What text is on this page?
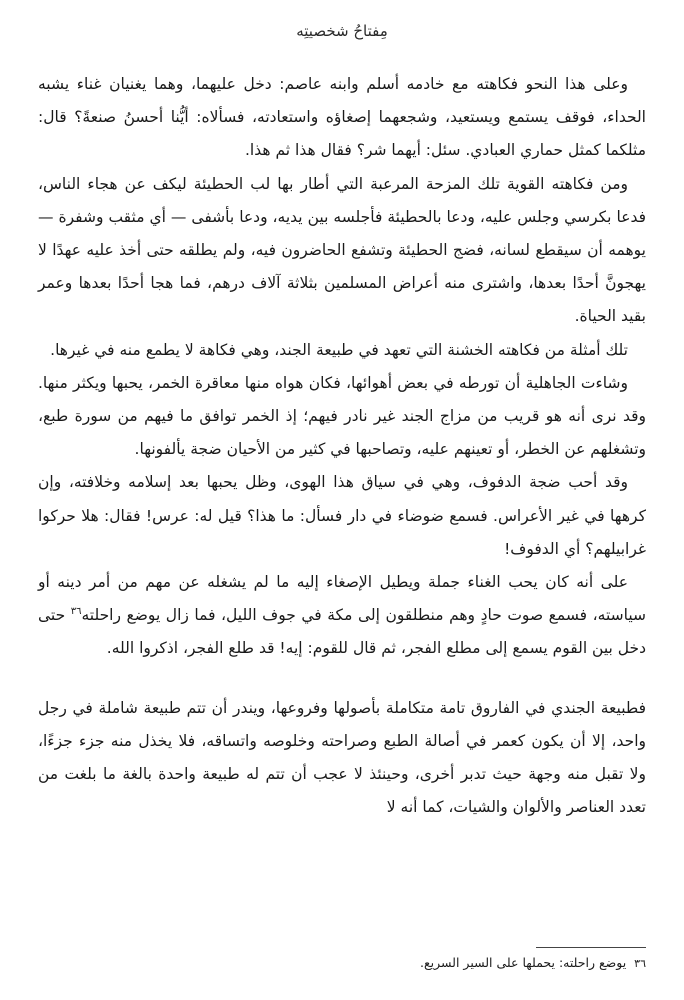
مِفتاحُ شخصيتِه

وعلى هذا النحو فكاهته مع خادمه أسلم وابنه عاصم: دخل عليهما، وهما يغنيان غناء يشبه الحداء، فوقف يستمع ويستعيد، وشجعهما إصغاؤه واستعادته، فسألاه: أيُّنا أحسنُ صنعةً؟ قال: مثلكما كمثل حماري العبادي. سئل: أيهما شر؟ فقال هذا ثم هذا.

ومن فكاهته القوية تلك المزحة المرعبة التي أطار بها لب الحطيئة ليكف عن هجاء الناس، فدعا بكرسي وجلس عليه، ودعا بالحطيئة فأجلسه بين يديه، ودعا بأشفى — أي مثقب وشفرة — يوهمه أن سيقطع لسانه، فضج الحطيئة وتشفع الحاضرون فيه، ولم يطلقه حتى أخذ عليه عهدًا لا يهجونَّ أحدًا بعدها، واشترى منه أعراض المسلمين بثلاثة آلاف درهم، فما هجا أحدًا بعدها وعمر بقيد الحياة.

تلك أمثلة من فكاهته الخشنة التي تعهد في طبيعة الجند، وهي فكاهة لا يطمع منه في غيرها.

وشاءت الجاهلية أن تورطه في بعض أهوائها، فكان هواه منها معاقرة الخمر، يحبها ويكثر منها. وقد نرى أنه هو قريب من مزاج الجند غير نادر فيهم؛ إذ الخمر توافق ما فيهم من سورة طبع، وتشغلهم عن الخطر، أو تعينهم عليه، وتصاحبها في كثير من الأحيان ضجة يألفونها.

وقد أحب ضجة الدفوف، وهي في سياق هذا الهوى، وظل يحبها بعد إسلامه وخلافته، وإن كرهها في غير الأعراس. فسمع ضوضاء في دار فسأل: ما هذا؟ قيل له: عرس! فقال: هلا حركوا غرابيلهم؟ أي الدفوف!

على أنه كان يحب الغناء جملة ويطيل الإصغاء إليه ما لم يشغله عن مهم من أمر دينه أو سياسته، فسمع صوت حادٍ وهم منطلقون إلى مكة في جوف الليل، فما زال يوضع راحلته$^{٣٦}$ حتى دخل بين القوم يسمع إلى مطلع الفجر، ثم قال للقوم: إيه! قد طلع الفجر، اذكروا الله.

فطبيعة الجندي في الفاروق تامة متكاملة بأصولها وفروعها، ويندر أن تتم طبيعة شاملة في رجل واحد، إلا أن يكون كعمر في أصالة الطبع وصراحته وخلوصه واتساقه، فلا يخذل منه جزء جزءًا، ولا تقبل منه وجهة حيث تدبر أخرى، وحينئذ لا عجب أن تتم له طبيعة واحدة بالغة ما بلغت من تعدد العناصر والألوان والشيات، كما أنه لا

٣٦ يوضع راحلته: يحملها على السير السريع.
